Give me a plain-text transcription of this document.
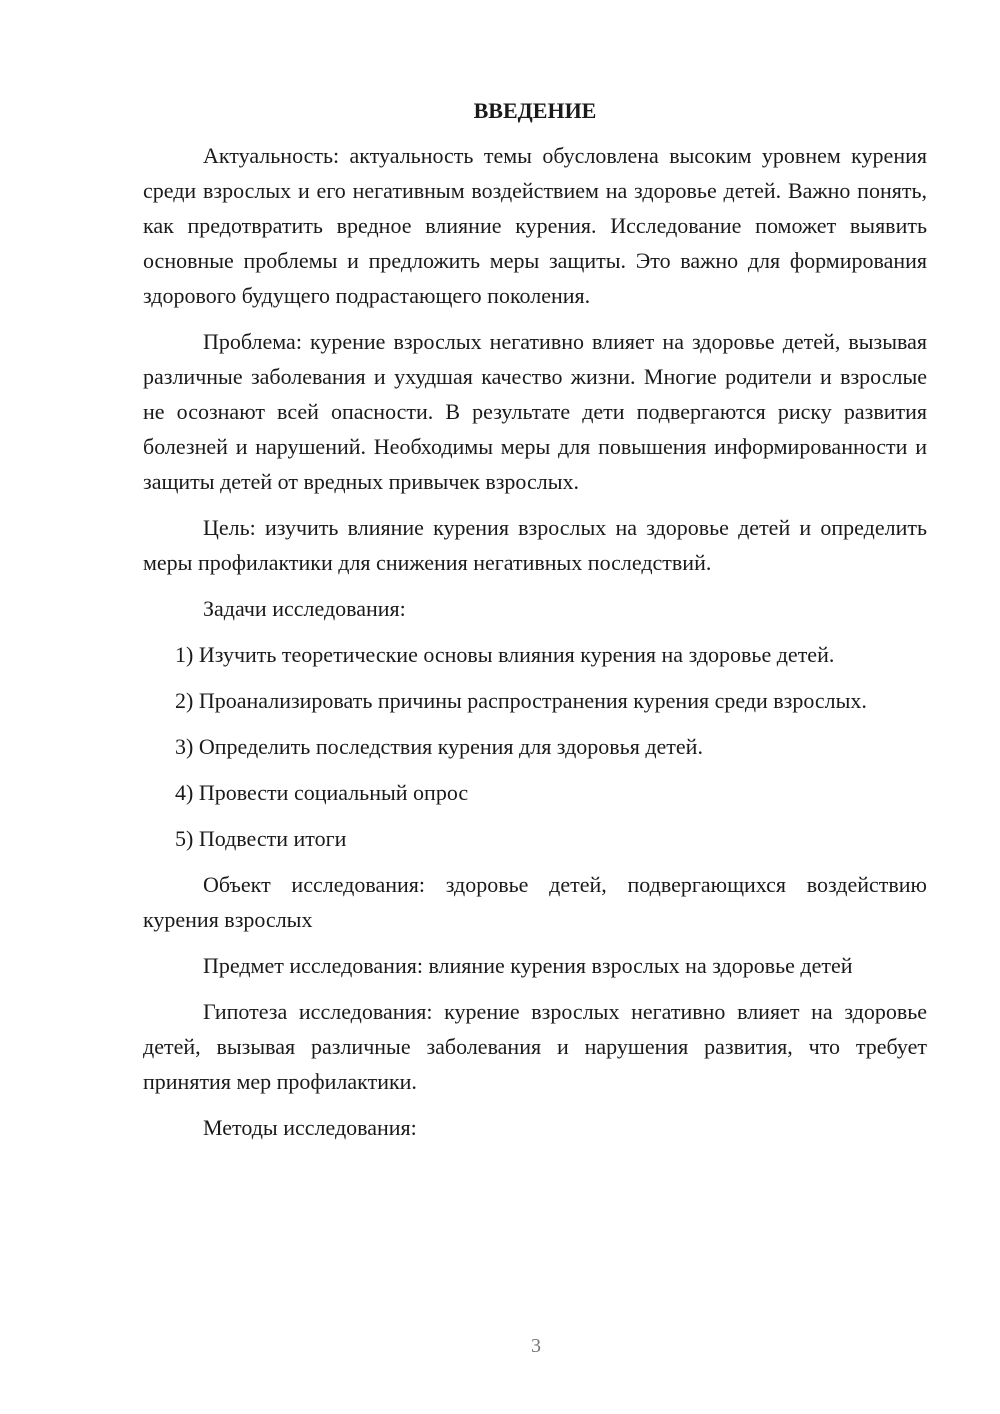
ВВЕДЕНИЕ

Актуальность: актуальность темы обусловлена высоким уровнем курения среди взрослых и его негативным воздействием на здоровье детей. Важно понять, как предотвратить вредное влияние курения. Исследование поможет выявить основные проблемы и предложить меры защиты. Это важно для формирования здорового будущего подрастающего поколения.

Проблема: курение взрослых негативно влияет на здоровье детей, вызывая различные заболевания и ухудшая качество жизни. Многие родители и взрослые не осознают всей опасности. В результате дети подвергаются риску развития болезней и нарушений. Необходимы меры для повышения информированности и защиты детей от вредных привычек взрослых.

Цель: изучить влияние курения взрослых на здоровье детей и определить меры профилактики для снижения негативных последствий.

Задачи исследования:

1) Изучить теоретические основы влияния курения на здоровье детей.

2) Проанализировать причины распространения курения среди взрослых.

3) Определить последствия курения для здоровья детей.

4) Провести социальный опрос

5) Подвести итоги

Объект исследования: здоровье детей, подвергающихся воздействию курения взрослых

Предмет исследования: влияние курения взрослых на здоровье детей

Гипотеза исследования: курение взрослых негативно влияет на здоровье детей, вызывая различные заболевания и нарушения развития, что требует принятия мер профилактики.

Методы исследования:

3
